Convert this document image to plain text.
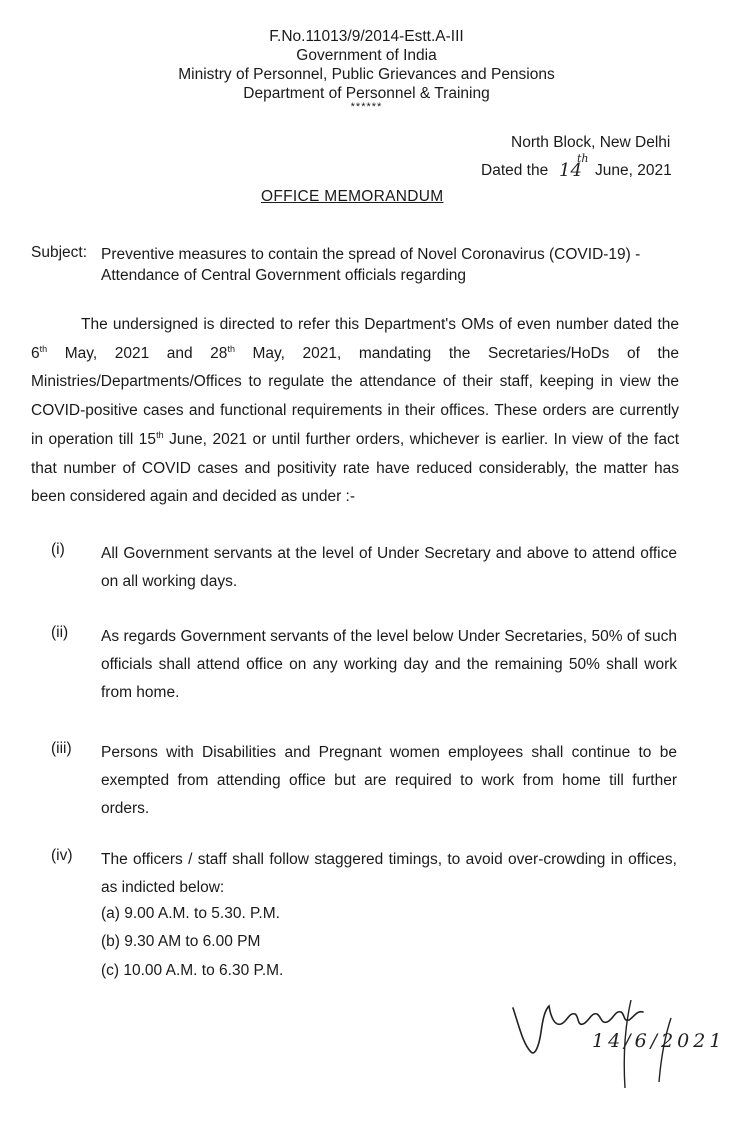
F.No.11013/9/2014-Estt.A-III
Government of India
Ministry of Personnel, Public Grievances and Pensions
Department of Personnel & Training
******
North Block, New Delhi
Dated the 14
th
June, 2021
OFFICE MEMORANDUM
Subject: Preventive measures to contain the spread of Novel Coronavirus (COVID-19) -
Attendance of Central Government officials regarding
The undersigned is directed to refer this Department's OMs of even number dated the 6th May, 2021 and 28th May, 2021, mandating the Secretaries/HoDs of the Ministries/Departments/Offices to regulate the attendance of their staff, keeping in view the COVID-positive cases and functional requirements in their offices. These orders are currently in operation till 15th June, 2021 or until further orders, whichever is earlier. In view of the fact that number of COVID cases and positivity rate have reduced considerably, the matter has been considered again and decided as under :-
(i) All Government servants at the level of Under Secretary and above to attend office on all working days.
(ii) As regards Government servants of the level below Under Secretaries, 50% of such officials shall attend office on any working day and the remaining 50% shall work from home.
(iii) Persons with Disabilities and Pregnant women employees shall continue to be exempted from attending office but are required to work from home till further orders.
(iv) The officers / staff shall follow staggered timings, to avoid over-crowding in offices, as indicted below:
(a) 9.00 A.M. to 5.30. P.M.
(b) 9.30 AM to 6.00 PM
(c) 10.00 A.M. to 6.30 P.M.
14/6/2021
